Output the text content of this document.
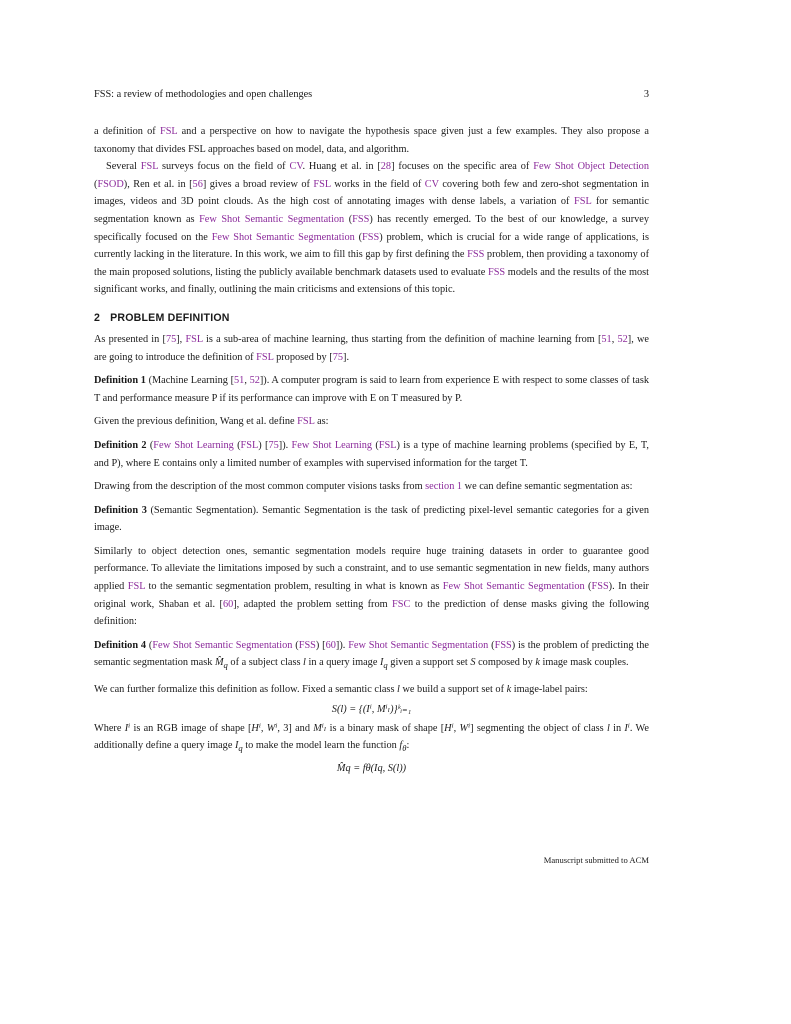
FSS: a review of methodologies and open challenges	3

a definition of FSL and a perspective on how to navigate the hypothesis space given just a few examples. They also propose a taxonomy that divides FSL approaches based on model, data, and algorithm.

Several FSL surveys focus on the field of CV. Huang et al. in [28] focuses on the specific area of Few Shot Object Detection (FSOD), Ren et al. in [56] gives a broad review of FSL works in the field of CV covering both few and zero-shot segmentation in images, videos and 3D point clouds. As the high cost of annotating images with dense labels, a variation of FSL for semantic segmentation known as Few Shot Semantic Segmentation (FSS) has recently emerged. To the best of our knowledge, a survey specifically focused on the Few Shot Semantic Segmentation (FSS) problem, which is crucial for a wide range of applications, is currently lacking in the literature. In this work, we aim to fill this gap by first defining the FSS problem, then providing a taxonomy of the main proposed solutions, listing the publicly available benchmark datasets used to evaluate FSS models and the results of the most significant works, and finally, outlining the main criticisms and extensions of this topic.

2 PROBLEM DEFINITION

As presented in [75], FSL is a sub-area of machine learning, thus starting from the definition of machine learning from [51, 52], we are going to introduce the definition of FSL proposed by [75].

Definition 1 (Machine Learning [51, 52]). A computer program is said to learn from experience E with respect to some classes of task T and performance measure P if its performance can improve with E on T measured by P.

Given the previous definition, Wang et al. define FSL as:

Definition 2 (Few Shot Learning (FSL) [75]). Few Shot Learning (FSL) is a type of machine learning problems (specified by E, T, and P), where E contains only a limited number of examples with supervised information for the target T.

Drawing from the description of the most common computer visions tasks from section 1 we can define semantic segmentation as:

Definition 3 (Semantic Segmentation). Semantic Segmentation is the task of predicting pixel-level semantic categories for a given image.

Similarly to object detection ones, semantic segmentation models require huge training datasets in order to guarantee good performance. To alleviate the limitations imposed by such a constraint, and to use semantic segmentation in new fields, many authors applied FSL to the semantic segmentation problem, resulting in what is known as Few Shot Semantic Segmentation (FSS). In their original work, Shaban et al. [60], adapted the problem setting from FSC to the prediction of dense masks giving the following definition:

Definition 4 (Few Shot Semantic Segmentation (FSS) [60]). Few Shot Semantic Segmentation (FSS) is the problem of predicting the semantic segmentation mask $M̂_q$ of a subject class l in a query image $I_q$ given a support set S composed by k image mask couples.

We can further formalize this definition as follow. Fixed a semantic class l we build a support set of k image-label pairs:

S(l) = {(Iⁱ, Mⁱₗ)}ᵏᵢ₌₁

Where Iⁱ is an RGB image of shape [Hⁱ, Wⁱ, 3] and Mⁱₗ is a binary mask of shape [Hⁱ, Wⁱ] segmenting the object of class l in Iⁱ. We additionally define a query image $I_q$ to make the model learn the function $f_\theta$:

M̂q = fθ(Iq, S(l))
Manuscript submitted to ACM
